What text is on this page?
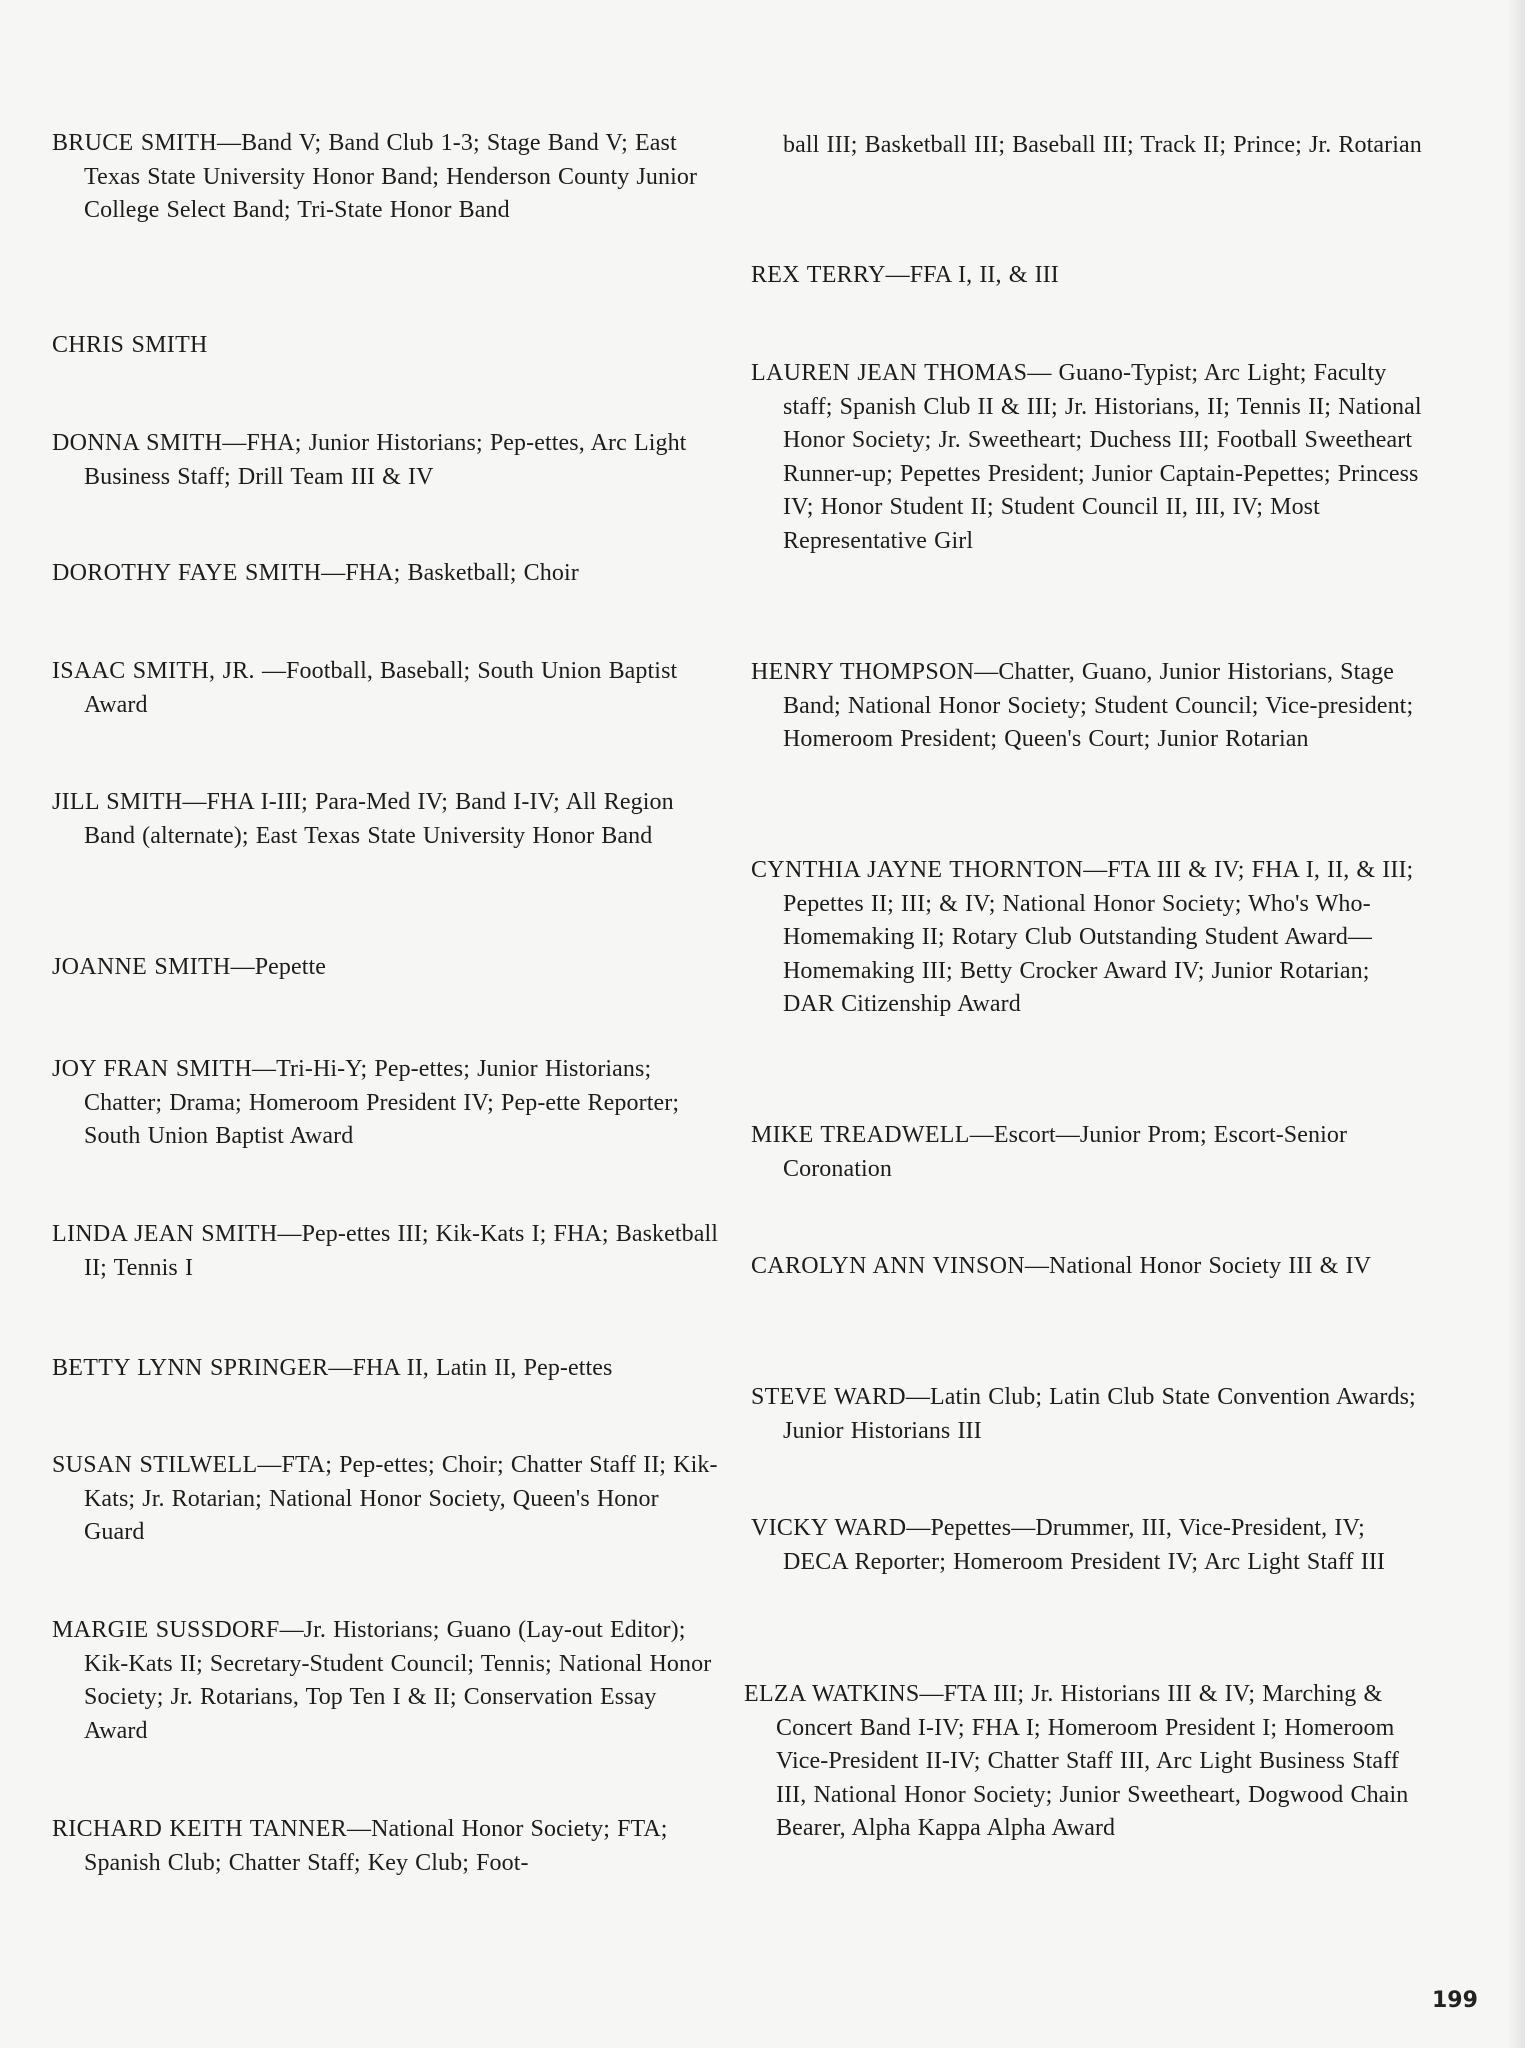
BRUCE SMITH—Band V; Band Club 1-3; Stage Band V; East Texas State University Honor Band; Henderson County Junior College Select Band; Tri-State Honor Band
CHRIS SMITH
DONNA SMITH—FHA; Junior Historians; Pep-ettes, Arc Light Business Staff; Drill Team III & IV
DOROTHY FAYE SMITH—FHA; Basketball; Choir
ISAAC SMITH, JR. —Football, Baseball; South Union Baptist Award
JILL SMITH—FHA I-III; Para-Med IV; Band I-IV; All Region Band (alternate); East Texas State University Honor Band
JOANNE SMITH—Pepette
JOY FRAN SMITH—Tri-Hi-Y; Pep-ettes; Junior Historians; Chatter; Drama; Homeroom President IV; Pep-ette Reporter; South Union Baptist Award
LINDA JEAN SMITH—Pep-ettes III; Kik-Kats I; FHA; Basketball II; Tennis I
BETTY LYNN SPRINGER—FHA II, Latin II, Pep-ettes
SUSAN STILWELL—FTA; Pep-ettes; Choir; Chatter Staff II; Kik-Kats; Jr. Rotarian; National Honor Society, Queen's Honor Guard
MARGIE SUSSDORF—Jr. Historians; Guano (Lay-out Editor); Kik-Kats II; Secretary-Student Council; Tennis; National Honor Society; Jr. Rotarians, Top Ten I & II; Conservation Essay Award
RICHARD KEITH TANNER—National Honor Society; FTA; Spanish Club; Chatter Staff; Key Club; Foot-
ball III; Basketball III; Baseball III; Track II; Prince; Jr. Rotarian
REX TERRY—FFA I, II, & III
LAUREN JEAN THOMAS— Guano-Typist; Arc Light; Faculty staff; Spanish Club II & III; Jr. Historians, II; Tennis II; National Honor Society; Jr. Sweetheart; Duchess III; Football Sweetheart Runner-up; Pepettes President; Junior Captain-Pepettes; Princess IV; Honor Student II; Student Council II, III, IV; Most Representative Girl
HENRY THOMPSON—Chatter, Guano, Junior Historians, Stage Band; National Honor Society; Student Council; Vice-president; Homeroom President; Queen's Court; Junior Rotarian
CYNTHIA JAYNE THORNTON—FTA III & IV; FHA I, II, & III; Pepettes II; III; & IV; National Honor Society; Who's Who-Homemaking II; Rotary Club Outstanding Student Award—Homemaking III; Betty Crocker Award IV; Junior Rotarian; DAR Citizenship Award
MIKE TREADWELL—Escort—Junior Prom; Escort-Senior Coronation
CAROLYN ANN VINSON—National Honor Society III & IV
STEVE WARD—Latin Club; Latin Club State Convention Awards; Junior Historians III
VICKY WARD—Pepettes—Drummer, III, Vice-President, IV; DECA Reporter; Homeroom President IV; Arc Light Staff III
ELZA WATKINS—FTA III; Jr. Historians III & IV; Marching & Concert Band I-IV; FHA I; Homeroom President I; Homeroom Vice-President II-IV; Chatter Staff III, Arc Light Business Staff III, National Honor Society; Junior Sweetheart, Dogwood Chain Bearer, Alpha Kappa Alpha Award
199
